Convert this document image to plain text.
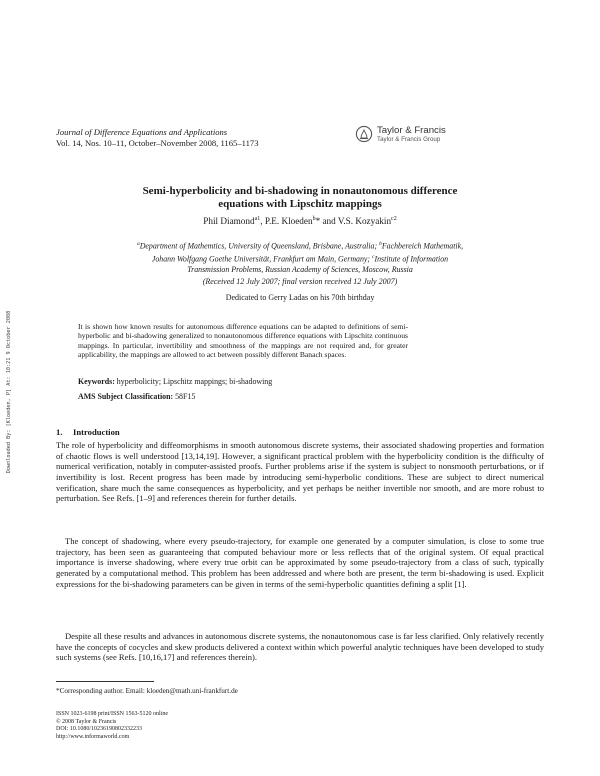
Downloaded By: [Kloeden, P] At: 10:21 9 October 2008
Journal of Difference Equations and Applications
Vol. 14, Nos. 10–11, October–November 2008, 1165–1173
Taylor & Francis
Taylor & Francis Group
Semi-hyperbolicity and bi-shadowing in nonautonomous difference
equations with Lipschitz mappings
Phil Diamond$^{a1}$, P.E. Kloeden$^b$* and V.S. Kozyakin$^{c2}$
$^a$Department of Mathemtics, University of Queensland, Brisbane, Australia; $^b$Fachbereich Mathematik,
Johann Wolfgang Goethe Universität, Frankfurt am Main, Germany; $^c$Institute of Information
Transmission Problems, Russian Academy of Sciences, Moscow, Russia
(Received 12 July 2007; final version received 12 July 2007)
Dedicated to Gerry Ladas on his 70th birthday
It is shown how known results for autonomous difference equations can be adapted to definitions of semi-hyperbolic and bi-shadowing generalized to nonautonomous difference equations with Lipschitz continuous mappings. In particular, invertibility and smoothness of the mappings are not required and, for greater applicability, the mappings are allowed to act between possibly different Banach spaces.
Keywords: hyperbolicity; Lipschitz mappings; bi-shadowing
AMS Subject Classification: 58F15
1. Introduction
The role of hyperbolicity and diffeomorphisms in smooth autonomous discrete systems, their associated shadowing properties and formation of chaotic flows is well understood [13,14,19]. However, a significant practical problem with the hyperbolicity condition is the difficulty of numerical verification, notably in computer-assisted proofs. Further problems arise if the system is subject to nonsmooth perturbations, or if invertibility is lost. Recent progress has been made by introducing semi-hyperbolic conditions. These are subject to direct numerical verification, share much the same consequences as hyperbolicity, and yet perhaps be neither invertible nor smooth, and are more robust to perturbation. See Refs. [1–9] and references therein for further details.
The concept of shadowing, where every pseudo-trajectory, for example one generated by a computer simulation, is close to some true trajectory, has been seen as guaranteeing that computed behaviour more or less reflects that of the original system. Of equal practical importance is inverse shadowing, where every true orbit can be approximated by some pseudo-trajectory from a class of such, typically generated by a computational method. This problem has been addressed and where both are present, the term bi-shadowing is used. Explicit expressions for the bi-shadowing parameters can be given in terms of the semi-hyperbolic quantities defining a split [1].
Despite all these results and advances in autonomous discrete systems, the nonautonomous case is far less clarified. Only relatively recently have the concepts of cocycles and skew products delivered a context within which powerful analytic techniques have been developed to study such systems (see Refs. [10,16,17] and references therein).
*Corresponding author. Email: kloeden@math.uni-frankfurt.de
ISSN 1023-6198 print/ISSN 1563-5120 online
© 2008 Taylor & Francis
DOI: 10.1080/10236190802332233
http://www.informaworld.com
